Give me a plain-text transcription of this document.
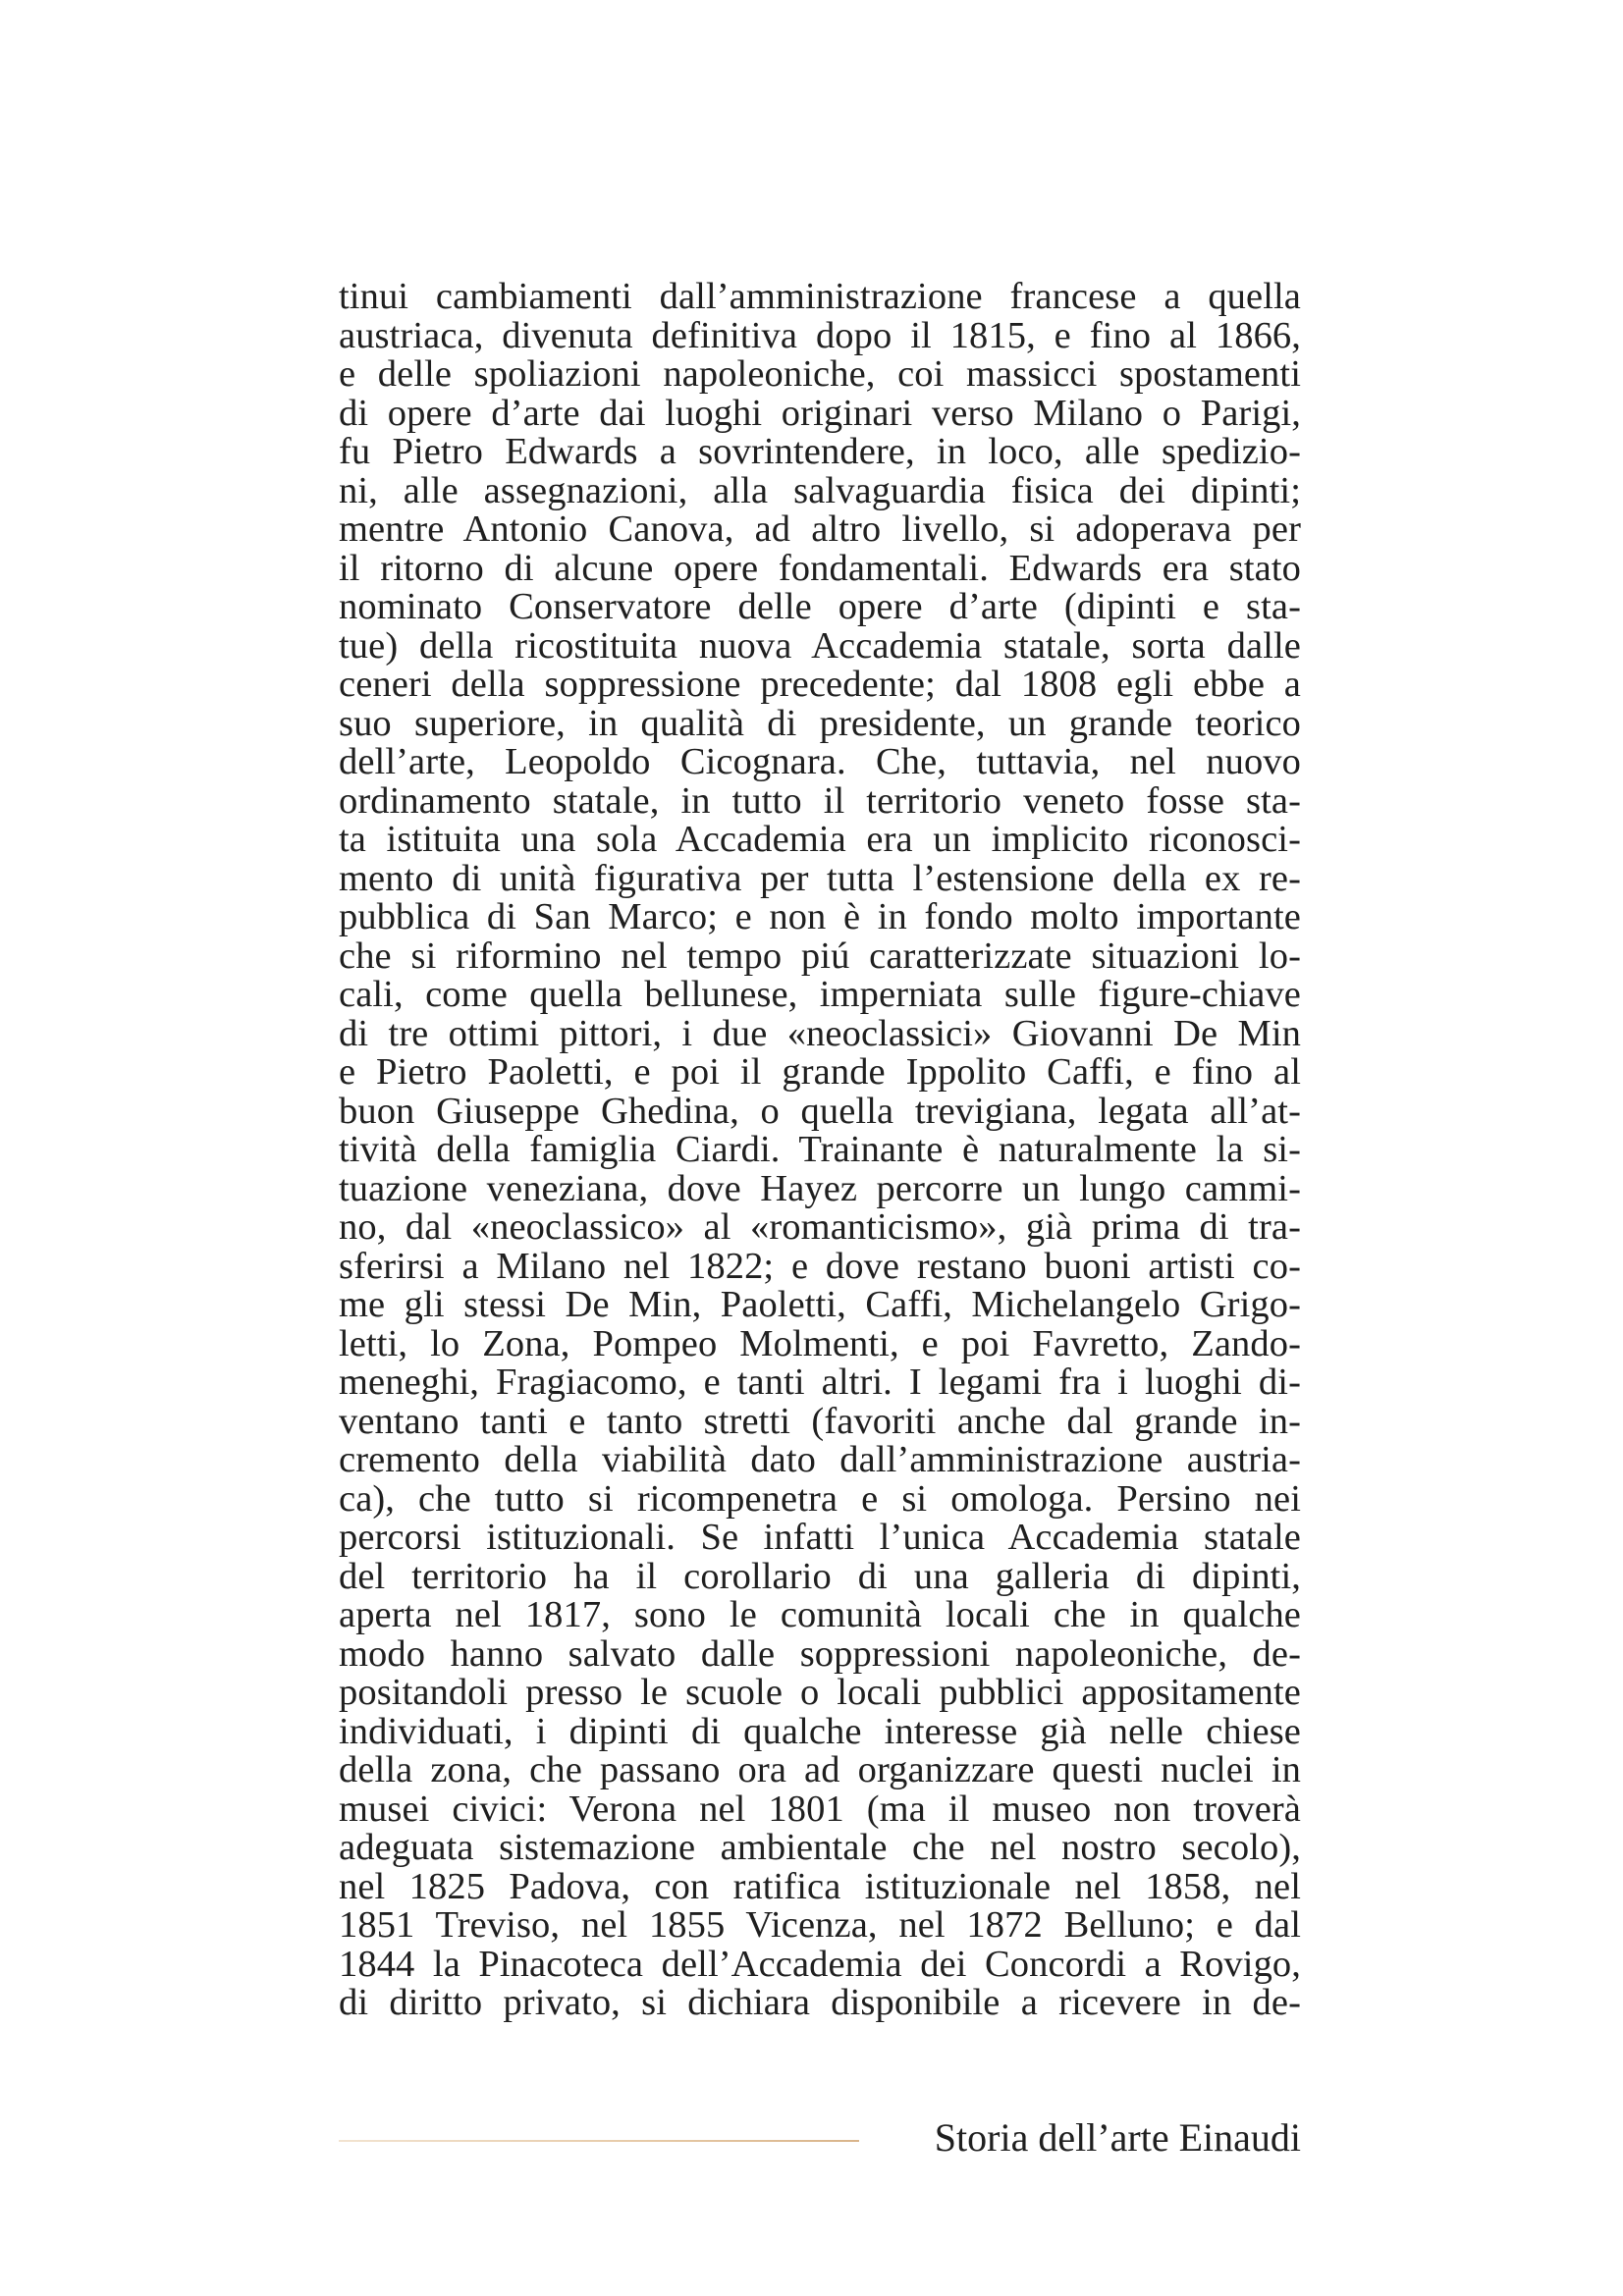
tinui cambiamenti dall’amministrazione francese a quella
austriaca, divenuta definitiva dopo il 1815, e fino al 1866,
e delle spoliazioni napoleoniche, coi massicci spostamenti
di opere d’arte dai luoghi originari verso Milano o Parigi,
fu Pietro Edwards a sovrintendere, in loco, alle spedizio-
ni, alle assegnazioni, alla salvaguardia fisica dei dipinti;
mentre Antonio Canova, ad altro livello, si adoperava per
il ritorno di alcune opere fondamentali. Edwards era stato
nominato Conservatore delle opere d’arte (dipinti e sta-
tue) della ricostituita nuova Accademia statale, sorta dalle
ceneri della soppressione precedente; dal 1808 egli ebbe a
suo superiore, in qualità di presidente, un grande teorico
dell’arte, Leopoldo Cicognara. Che, tuttavia, nel nuovo
ordinamento statale, in tutto il territorio veneto fosse sta-
ta istituita una sola Accademia era un implicito riconosci-
mento di unità figurativa per tutta l’estensione della ex re-
pubblica di San Marco; e non è in fondo molto importante
che si riformino nel tempo piú caratterizzate situazioni lo-
cali, come quella bellunese, imperniata sulle figure-chiave
di tre ottimi pittori, i due «neoclassici» Giovanni De Min
e Pietro Paoletti, e poi il grande Ippolito Caffi, e fino al
buon Giuseppe Ghedina, o quella trevigiana, legata all’at-
tività della famiglia Ciardi. Trainante è naturalmente la si-
tuazione veneziana, dove Hayez percorre un lungo cammi-
no, dal «neoclassico» al «romanticismo», già prima di tra-
sferirsi a Milano nel 1822; e dove restano buoni artisti co-
me gli stessi De Min, Paoletti, Caffi, Michelangelo Grigo-
letti, lo Zona, Pompeo Molmenti, e poi Favretto, Zando-
meneghi, Fragiacomo, e tanti altri. I legami fra i luoghi di-
ventano tanti e tanto stretti (favoriti anche dal grande in-
cremento della viabilità dato dall’amministrazione austria-
ca), che tutto si ricompenetra e si omologa. Persino nei
percorsi istituzionali. Se infatti l’unica Accademia statale
del territorio ha il corollario di una galleria di dipinti,
aperta nel 1817, sono le comunità locali che in qualche
modo hanno salvato dalle soppressioni napoleoniche, de-
positandoli presso le scuole o locali pubblici appositamente
individuati, i dipinti di qualche interesse già nelle chiese
della zona, che passano ora ad organizzare questi nuclei in
musei civici: Verona nel 1801 (ma il museo non troverà
adeguata sistemazione ambientale che nel nostro secolo),
nel 1825 Padova, con ratifica istituzionale nel 1858, nel
1851 Treviso, nel 1855 Vicenza, nel 1872 Belluno; e dal
1844 la Pinacoteca dell’Accademia dei Concordi a Rovigo,
di diritto privato, si dichiara disponibile a ricevere in de-
Storia dell’arte Einaudi
